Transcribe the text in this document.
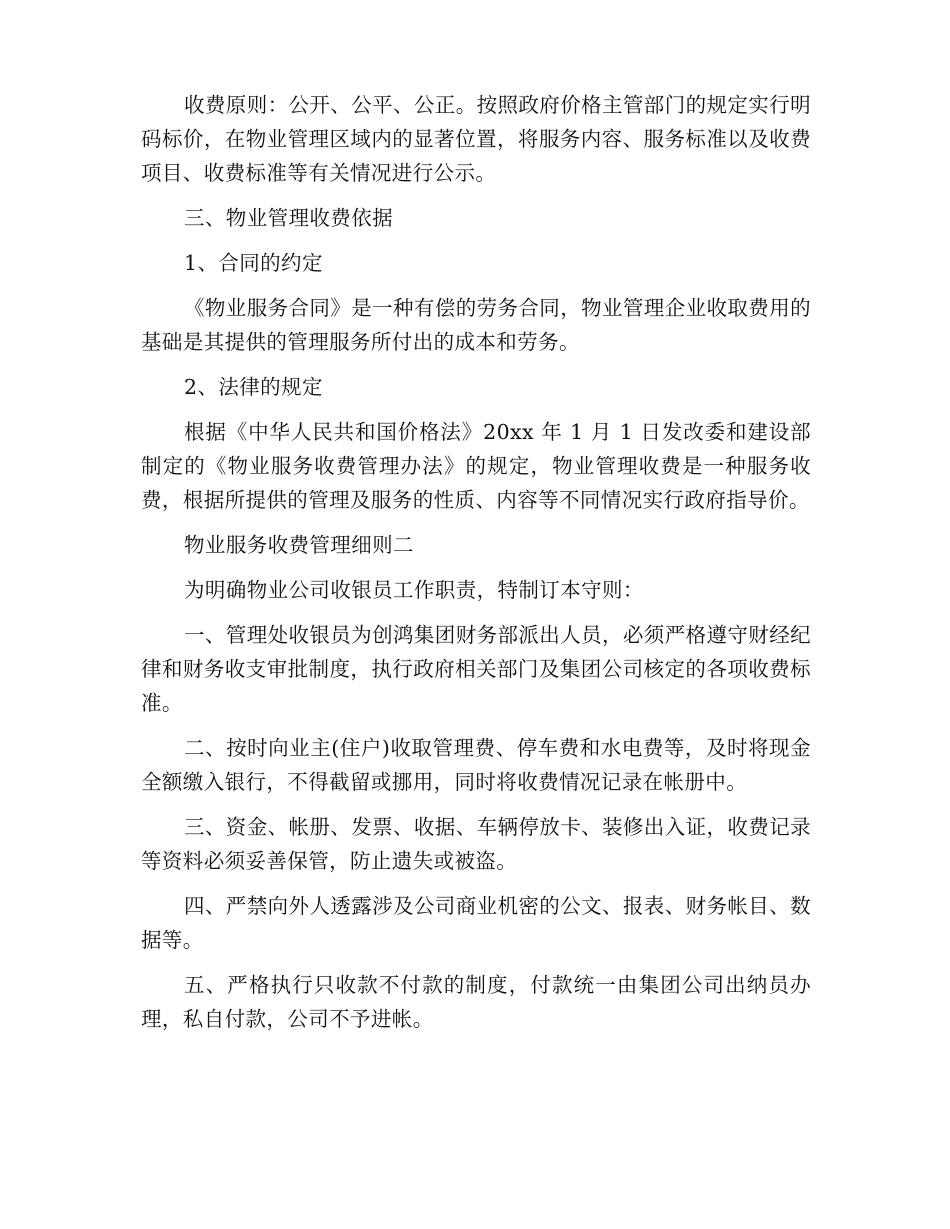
收费原则：公开、公平、公正。按照政府价格主管部门的规定实行明码标价，在物业管理区域内的显著位置，将服务内容、服务标准以及收费项目、收费标准等有关情况进行公示。

三、物业管理收费依据

1、合同的约定

《物业服务合同》是一种有偿的劳务合同，物业管理企业收取费用的基础是其提供的管理服务所付出的成本和劳务。

2、法律的规定

根据《中华人民共和国价格法》20xx 年 1 月 1 日发改委和建设部制定的《物业服务收费管理办法》的规定，物业管理收费是一种服务收费，根据所提供的管理及服务的性质、内容等不同情况实行政府指导价。

物业服务收费管理细则二

为明确物业公司收银员工作职责，特制订本守则：

一、管理处收银员为创鸿集团财务部派出人员，必须严格遵守财经纪律和财务收支审批制度，执行政府相关部门及集团公司核定的各项收费标准。

二、按时向业主(住户)收取管理费、停车费和水电费等，及时将现金全额缴入银行，不得截留或挪用，同时将收费情况记录在帐册中。

三、资金、帐册、发票、收据、车辆停放卡、装修出入证，收费记录等资料必须妥善保管，防止遗失或被盗。

四、严禁向外人透露涉及公司商业机密的公文、报表、财务帐目、数据等。

五、严格执行只收款不付款的制度，付款统一由集团公司出纳员办理，私自付款，公司不予进帐。
